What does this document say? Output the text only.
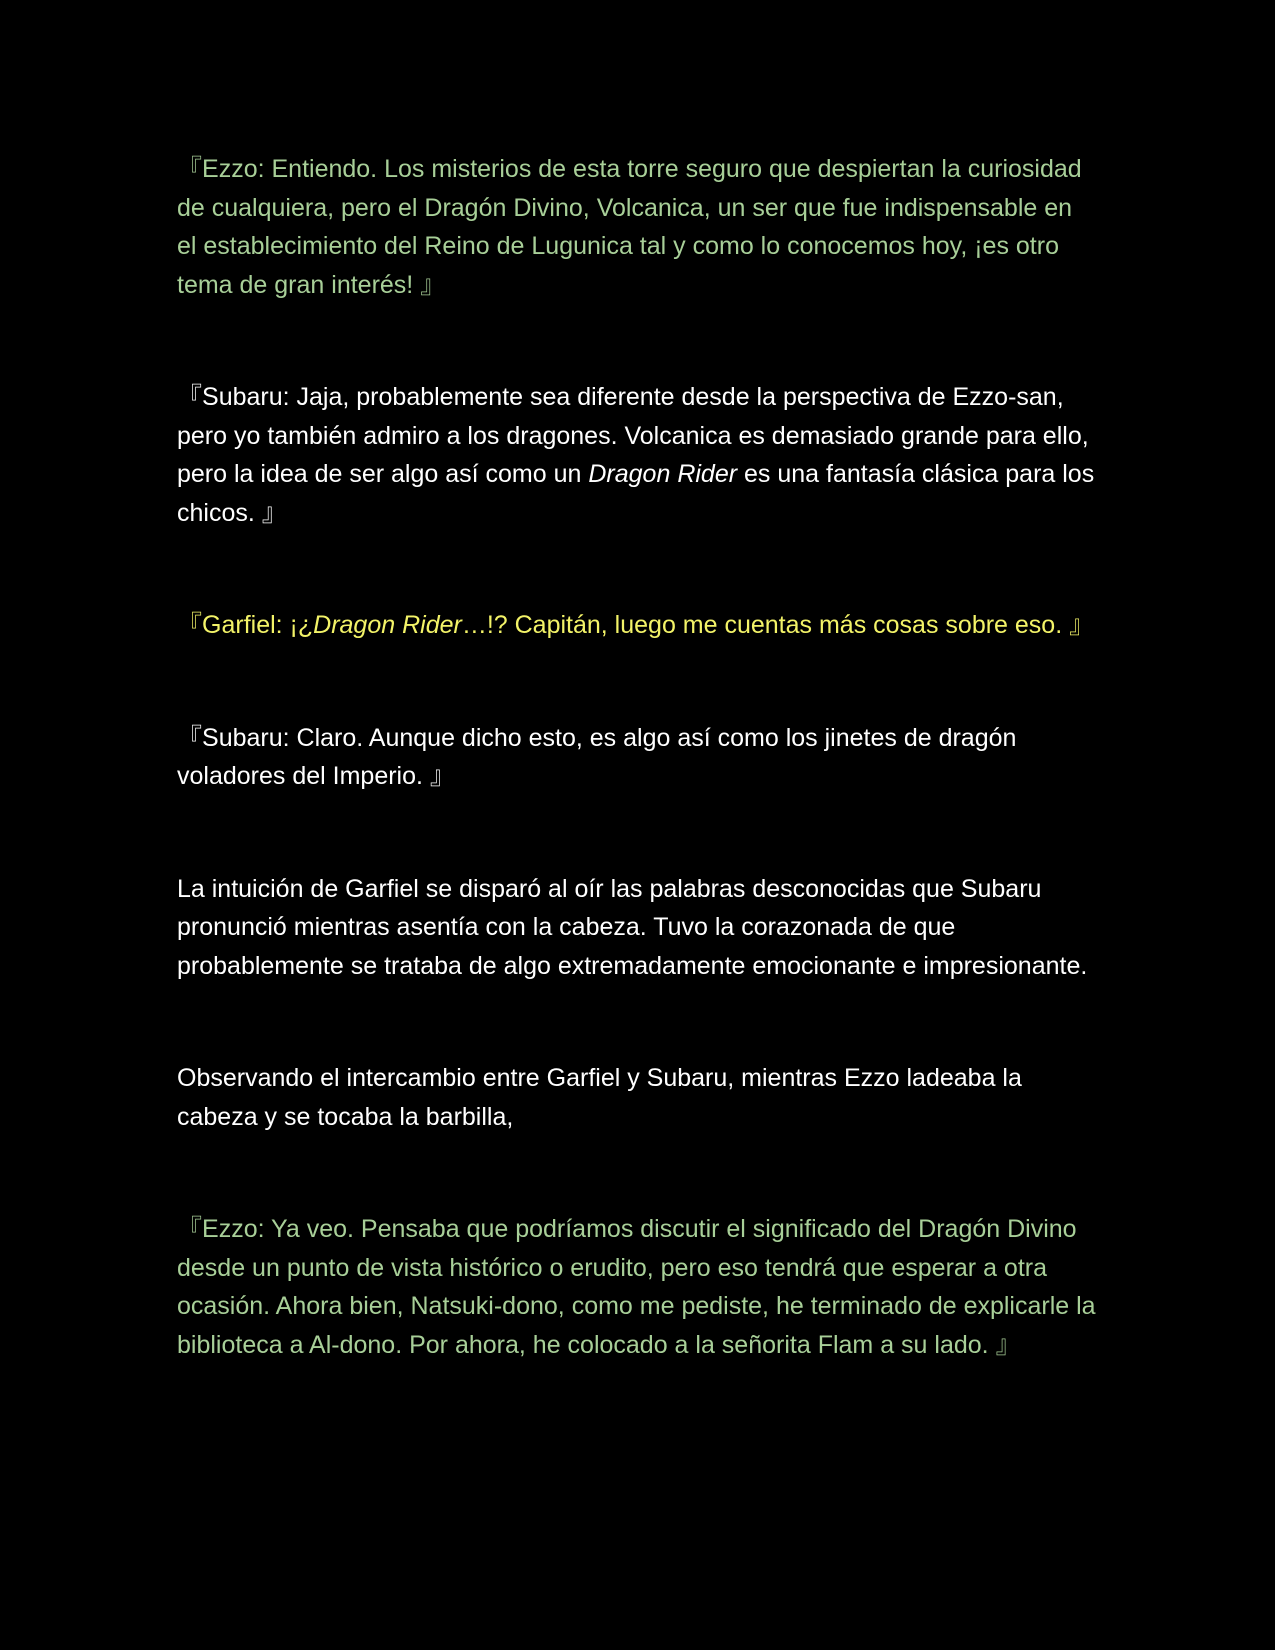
『Ezzo: Entiendo. Los misterios de esta torre seguro que despiertan la curiosidad de cualquiera, pero el Dragón Divino, Volcanica, un ser que fue indispensable en el establecimiento del Reino de Lugunica tal y como lo conocemos hoy, ¡es otro tema de gran interés! 』

『Subaru: Jaja, probablemente sea diferente desde la perspectiva de Ezzo-san, pero yo también admiro a los dragones. Volcanica es demasiado grande para ello, pero la idea de ser algo así como un Dragon Rider es una fantasía clásica para los chicos. 』

『Garfiel: ¡¿Dragon Rider…!? Capitán, luego me cuentas más cosas sobre eso. 』

『Subaru: Claro. Aunque dicho esto, es algo así como los jinetes de dragón voladores del Imperio. 』

La intuición de Garfiel se disparó al oír las palabras desconocidas que Subaru pronunció mientras asentía con la cabeza. Tuvo la corazonada de que probablemente se trataba de algo extremadamente emocionante e impresionante.

Observando el intercambio entre Garfiel y Subaru, mientras Ezzo ladeaba la cabeza y se tocaba la barbilla,

『Ezzo: Ya veo. Pensaba que podríamos discutir el significado del Dragón Divino desde un punto de vista histórico o erudito, pero eso tendrá que esperar a otra ocasión. Ahora bien, Natsuki-dono, como me pediste, he terminado de explicarle la biblioteca a Al-dono. Por ahora, he colocado a la señorita Flam a su lado. 』
